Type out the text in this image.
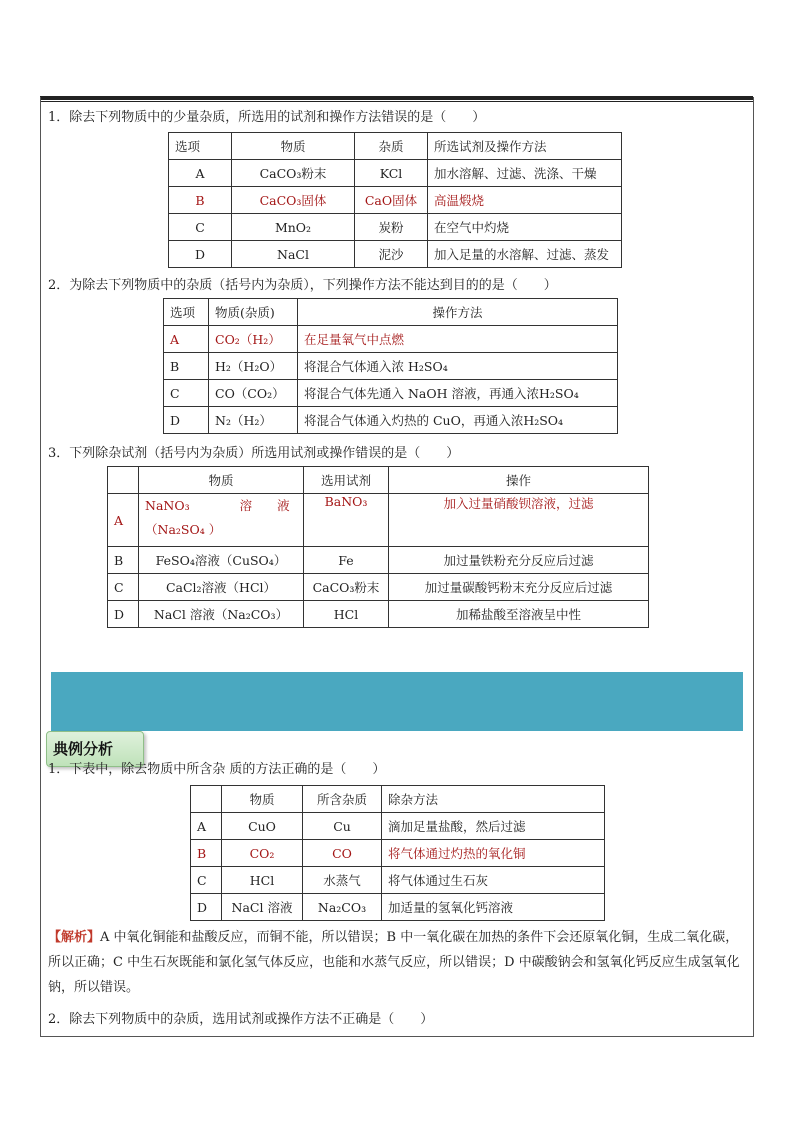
1．除去下列物质中的少量杂质，所选用的试剂和操作方法错误的是（　　）
选项	物质	杂质	所选试剂及操作方法
A	CaCO₃粉末	KCl	加水溶解、过滤、洗涤、干燥
B	CaCO₃固体	CaO固体	高温煅烧
C	MnO₂	炭粉	在空气中灼烧
D	NaCl	泥沙	加入足量的水溶解、过滤、蒸发
2．为除去下列物质中的杂质（括号内为杂质），下列操作方法不能达到目的的是（　　）
选项	物质(杂质)	操作方法
A	CO₂（H₂）	在足量氧气中点燃
B	H₂（H₂O）	将混合气体通入浓 H₂SO₄
C	CO（CO₂）	将混合气体先通入 NaOH 溶液，再通入浓H₂SO₄
D	N₂（H₂）	将混合气体通入灼热的 CuO，再通入浓H₂SO₄
3．下列除杂试剂（括号内为杂质）所选用试剂或操作错误的是（　　）
	物质	选用试剂	操作
A	NaNO₃　　　　溶　　液（Na₂SO₄ ）	BaNO₃	加入过量硝酸钡溶液，过滤
B	FeSO₄溶液（CuSO₄）	Fe	加过量铁粉充分反应后过滤
C	CaCl₂溶液（HCl）	CaCO₃粉末	加过量碳酸钙粉末充分反应后过滤
D	NaCl 溶液（Na₂CO₃）	HCl	加稀盐酸至溶液呈中性
典例分析
1．下表中，除去物质中所含杂 质的方法正确的是（　　）
	物质	所含杂质	除杂方法
A	CuO	Cu	滴加足量盐酸，然后过滤
B	CO₂	CO	将气体通过灼热的氧化铜
C	HCl	水蒸气	将气体通过生石灰
D	NaCl 溶液	Na₂CO₃	加适量的氢氧化钙溶液
【解析】A 中氧化铜能和盐酸反应，而铜不能，所以错误；B 中一氧化碳在加热的条件下会还原氧化铜，生成二氧化碳，所以正确；C 中生石灰既能和氯化氢气体反应，也能和水蒸气反应，所以错误；D 中碳酸钠会和氢氧化钙反应生成氢氧化钠，所以错误。
2．除去下列物质中的杂质，选用试剂或操作方法不正确是（　　）
